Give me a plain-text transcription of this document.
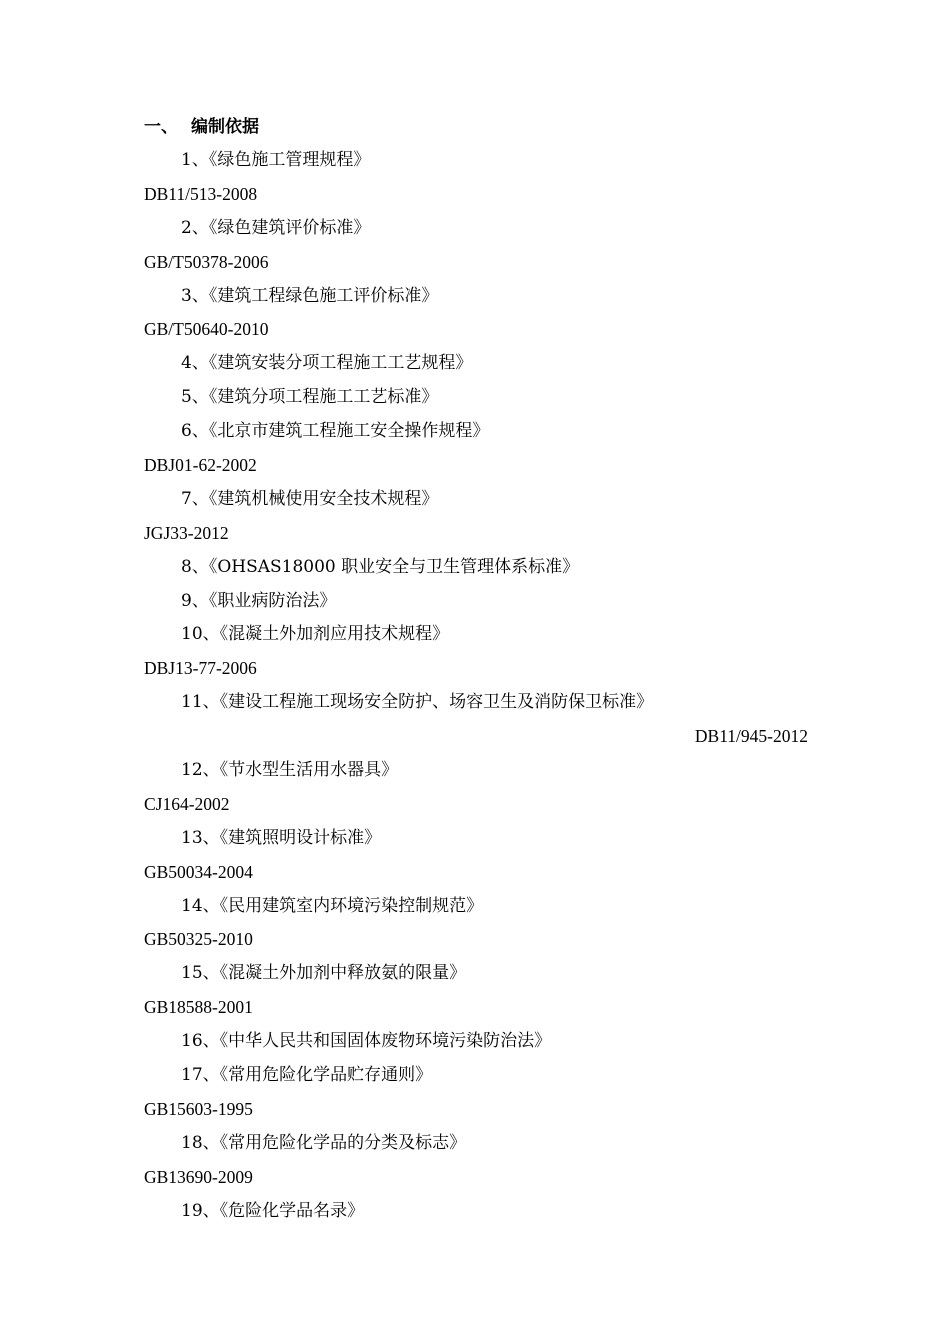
一、 编制依据
1、《绿色施工管理规程》
DB11/513-2008
2、《绿色建筑评价标准》
GB/T50378-2006
3、《建筑工程绿色施工评价标准》
GB/T50640-2010
4、《建筑安装分项工程施工工艺规程》
5、《建筑分项工程施工工艺标准》
6、《北京市建筑工程施工安全操作规程》
DBJ01-62-2002
7、《建筑机械使用安全技术规程》
JGJ33-2012
8、《OHSAS18000 职业安全与卫生管理体系标准》
9、《职业病防治法》
10、《混凝土外加剂应用技术规程》
DBJ13-77-2006
11、《建设工程施工现场安全防护、场容卫生及消防保卫标准》
DB11/945-2012
12、《节水型生活用水器具》
CJ164-2002
13、《建筑照明设计标准》
GB50034-2004
14、《民用建筑室内环境污染控制规范》
GB50325-2010
15、《混凝土外加剂中释放氨的限量》
GB18588-2001
16、《中华人民共和国固体废物环境污染防治法》
17、《常用危险化学品贮存通则》
GB15603-1995
18、《常用危险化学品的分类及标志》
GB13690-2009
19、《危险化学品名录》
